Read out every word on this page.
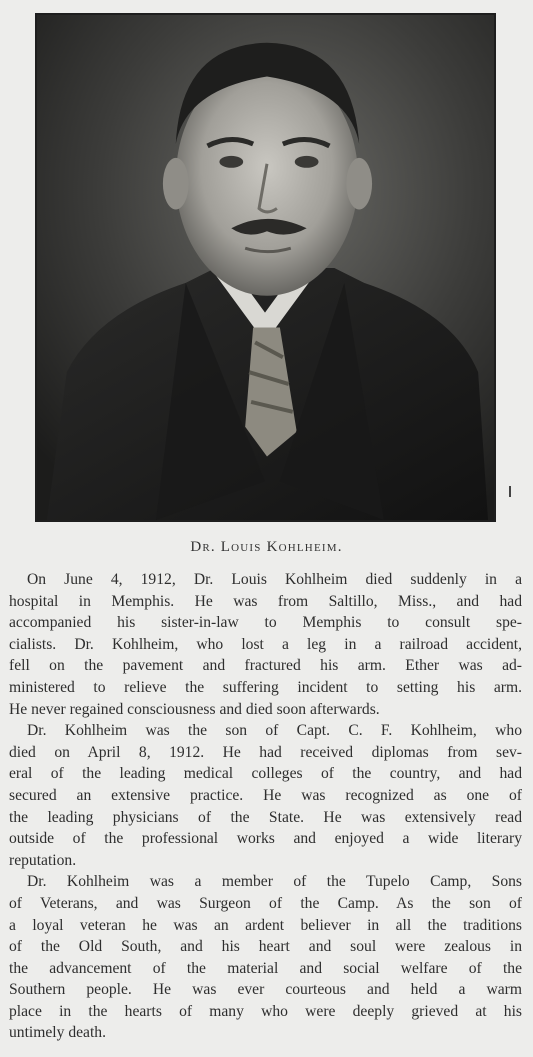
Dr. Louis Kohlheim.

On June 4, 1912, Dr. Louis Kohlheim died suddenly in a
hospital in Memphis. He was from Saltillo, Miss., and had
accompanied his sister-in-law to Memphis to consult spe-
cialists. Dr. Kohlheim, who lost a leg in a railroad accident,
fell on the pavement and fractured his arm. Ether was ad-
ministered to relieve the suffering incident to setting his arm.
He never regained consciousness and died soon afterwards.

Dr. Kohlheim was the son of Capt. C. F. Kohlheim, who
died on April 8, 1912. He had received diplomas from sev-
eral of the leading medical colleges of the country, and had
secured an extensive practice. He was recognized as one of
the leading physicians of the State. He was extensively read
outside of the professional works and enjoyed a wide literary
reputation.

Dr. Kohlheim was a member of the Tupelo Camp, Sons
of Veterans, and was Surgeon of the Camp. As the son of
a loyal veteran he was an ardent believer in all the traditions
of the Old South, and his heart and soul were zealous in
the advancement of the material and social welfare of the
Southern people. He was ever courteous and held a warm
place in the hearts of many who were deeply grieved at his
untimely death.
